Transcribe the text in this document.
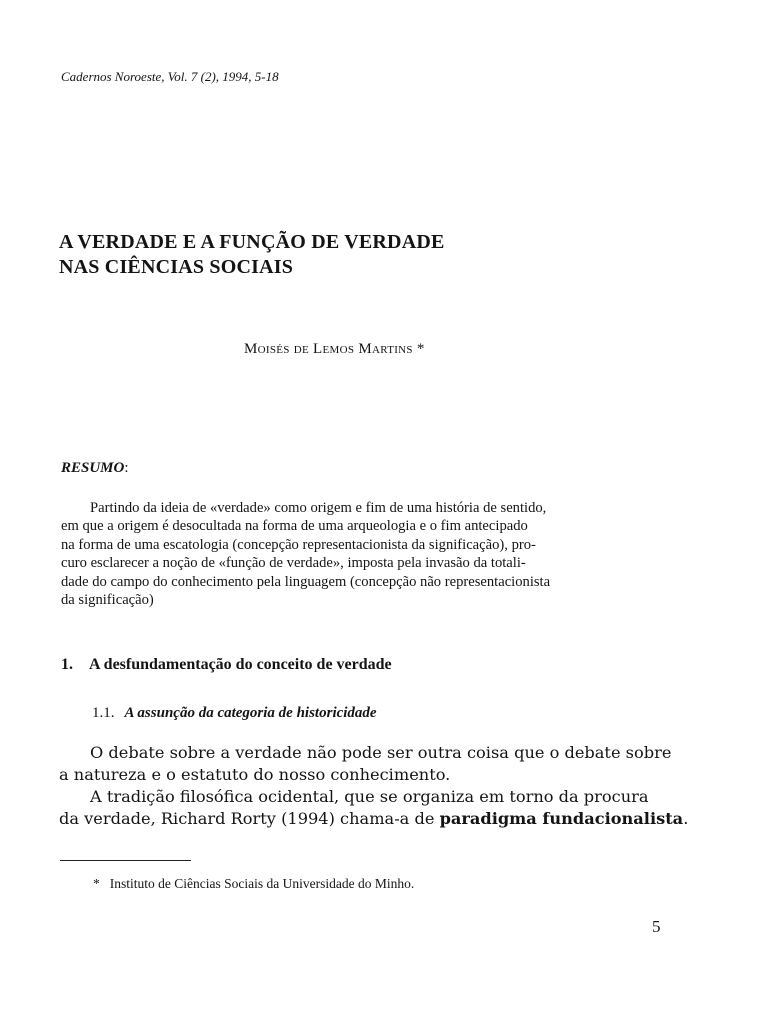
Cadernos Noroeste, Vol. 7 (2), 1994, 5-18
A VERDADE E A FUNÇÃO DE VERDADE
NAS CIÊNCIAS SOCIAIS
Moisés de Lemos Martins *
RESUMO:
Partindo da ideia de «verdade» como origem e fim de uma história de sentido,
em que a origem é desocultada na forma de uma arqueologia e o fim antecipado
na forma de uma escatologia (concepção representacionista da significação), pro-
curo esclarecer a noção de «função de verdade», imposta pela invasão da totali-
dade do campo do conhecimento pela linguagem (concepção não representacionista
da significação)
1. A desfundamentação do conceito de verdade
1.1. A assunção da categoria de historicidade
O debate sobre a verdade não pode ser outra coisa que o debate sobre
a natureza e o estatuto do nosso conhecimento.
A tradição filosófica ocidental, que se organiza em torno da procura
da verdade, Richard Rorty (1994) chama-a de paradigma fundacionalista.
* Instituto de Ciências Sociais da Universidade do Minho.
5
